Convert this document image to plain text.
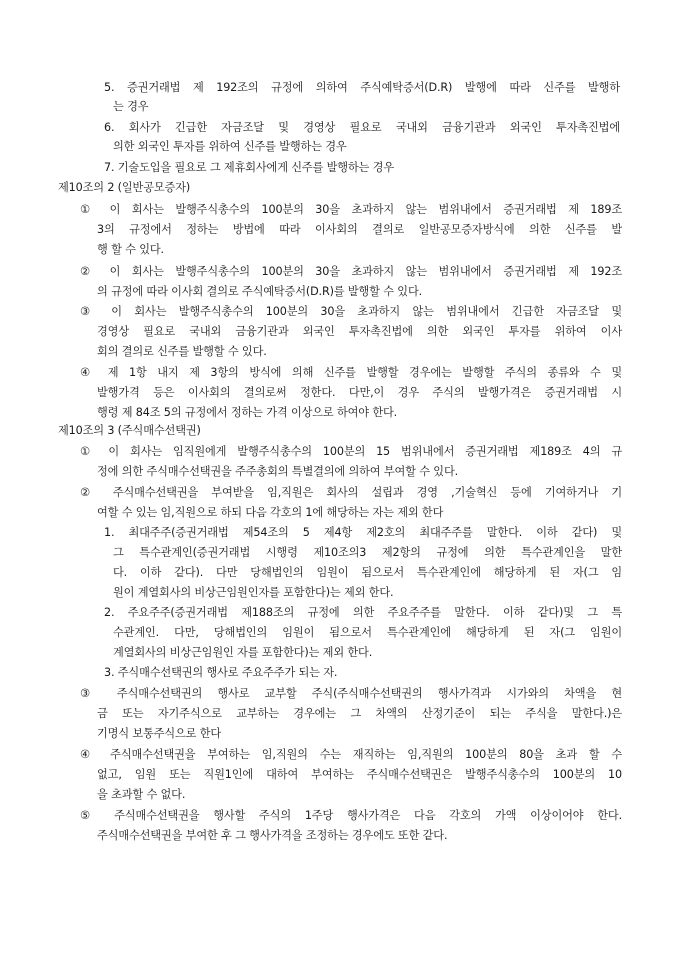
5. 증권거래법 제 192조의 규정에 의하여 주식예탁증서(D.R) 발행에 따라 신주를 발행하
는 경우
6. 회사가 긴급한 자금조달 및 경영상 필요로 국내외 금융기관과 외국인 투자촉진법에
의한 외국인 투자를 위하여 신주를 발행하는 경우
7. 기술도입을 필요로 그 제휴회사에게 신주를 발행하는 경우
제10조의 2 (일반공모증자)
① 이 회사는 발행주식총수의 100분의 30을 초과하지 않는 범위내에서 증권거래법 제 189조
3의 규정에서 정하는 방법에 따라 이사회의 결의로 일반공모증자방식에 의한 신주를 발
행 할 수 있다.
② 이 회사는 발행주식총수의 100분의 30을 초과하지 않는 범위내에서 증권거래법 제 192조
의 규정에 따라 이사회 결의로 주식예탁증서(D.R)를 발행할 수 있다.
③ 이 회사는 발행주식총수의 100분의 30을 초과하지 않는 범위내에서 긴급한 자금조달 및
경영상 필요로 국내외 금융기관과 외국인 투자촉진법에 의한 외국인 투자를 위하여 이사
회의 결의로 신주를 발행할 수 있다.
④ 제 1항 내지 제 3항의 방식에 의해 신주를 발행할 경우에는 발행할 주식의 종류와 수 및
발행가격 등은 이사회의 결의로써 정한다. 다만,이 경우 주식의 발행가격은 증권거래법 시
행령 제 84조 5의 규정에서 정하는 가격 이상으로 하여야 한다.
제10조의 3 (주식매수선택권)
① 이 회사는 임직원에게 발행주식총수의 100분의 15 범위내에서 증권거래법 제189조 4의 규
정에 의한 주식매수선택권을 주주총회의 특별결의에 의하여 부여할 수 있다.
② 주식매수선택권을 부여받을 임,직원은 회사의 설립과 경영 ,기술혁신 등에 기여하거나 기
여할 수 있는 임,직원으로 하되 다음 각호의 1에 해당하는 자는 제외 한다
1. 최대주주(증권거래법 제54조의 5 제4항 제2호의 최대주주를 말한다. 이하 같다) 및
그 특수관계인(증권거래법 시행령 제10조의3 제2항의 규정에 의한 특수관계인을 말한
다. 이하 같다). 다만 당해법인의 임원이 됨으로서 특수관계인에 해당하게 된 자(그 임
원이 계열회사의 비상근임원인자를 포함한다)는 제외 한다.
2. 주요주주(증권거래법 제188조의 규정에 의한 주요주주를 말한다. 이하 같다)및 그 특
수관계인. 다만, 당해법인의 임원이 됨으로서 특수관계인에 해당하게 된 자(그 임원이
계열회사의 비상근임원인 자를 포함한다)는 제외 한다.
3. 주식매수선택권의 행사로 주요주주가 되는 자.
③ 주식매수선택권의 행사로 교부할 주식(주식매수선택권의 행사가격과 시가와의 차액을 현
금 또는 자기주식으로 교부하는 경우에는 그 차액의 산정기준이 되는 주식을 말한다.)은
기명식 보통주식으로 한다
④ 주식매수선택권을 부여하는 임,직원의 수는 재직하는 임,직원의 100분의 80을 초과 할 수
없고, 임원 또는 직원1인에 대하여 부여하는 주식매수선택권은 발행주식총수의 100분의 10
을 초과할 수 없다.
⑤ 주식매수선택권을 행사할 주식의 1주당 행사가격은 다음 각호의 가액 이상이어야 한다.
주식매수선택권을 부여한 후 그 행사가격을 조정하는 경우에도 또한 같다.
